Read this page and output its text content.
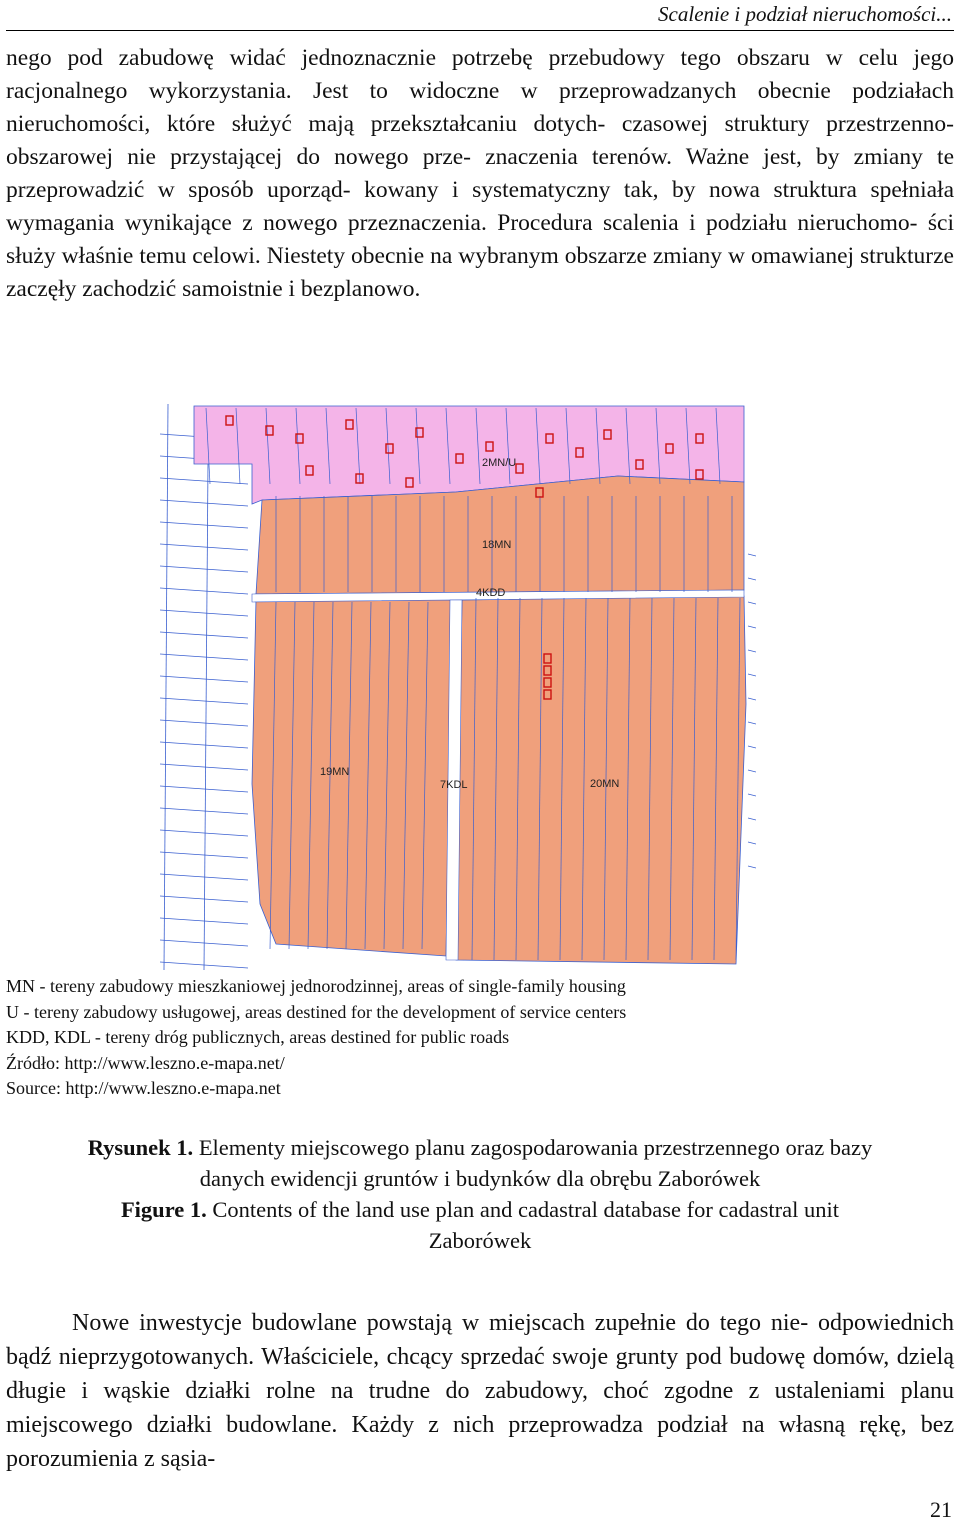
Scalenie i podział nieruchomości...

nego pod zabudowę widać jednoznacznie potrzebę przebudowy tego obszaru w celu jego racjonalnego wykorzystania. Jest to widoczne w przeprowadzanych obecnie podziałach nieruchomości, które służyć mają przekształcaniu dotych- czasowej struktury przestrzenno-obszarowej nie przystającej do nowego prze- znaczenia terenów. Ważne jest, by zmiany te przeprowadzić w sposób uporząd- kowany i systematyczny tak, by nowa struktura spełniała wymagania wynikające z nowego przeznaczenia. Procedura scalenia i podziału nieruchomo- ści służy właśnie temu celowi. Niestety obecnie na wybranym obszarze zmiany w omawianej strukturze zaczęły zachodzić samoistnie i bezplanowo.

2MN/U
18MN
4KDD
19MN
7KDL	20MN
MN - tereny zabudowy mieszkaniowej jednorodzinnej, areas of single-family housing
U - tereny zabudowy usługowej, areas destined for the development of service centers
KDD, KDL - tereny dróg publicznych, areas destined for public roads
Źródło: http://www.leszno.e-mapa.net/
Source: http://www.leszno.e-mapa.net
Rysunek 1. Elementy miejscowego planu zagospodarowania przestrzennego oraz bazy
danych ewidencji gruntów i budynków dla obrębu Zaborówek
Figure 1. Contents of the land use plan and cadastral database for cadastral unit
Zaborówek

Nowe inwestycje budowlane powstają w miejscach zupełnie do tego nie- odpowiednich bądź nieprzygotowanych. Właściciele, chcący sprzedać swoje grunty pod budowę domów, dzielą długie i wąskie działki rolne na trudne do zabudowy, choć zgodne z ustaleniami planu miejscowego działki budowlane. Każdy z nich przeprowadza podział na własną rękę, bez porozumienia z sąsia-

21
